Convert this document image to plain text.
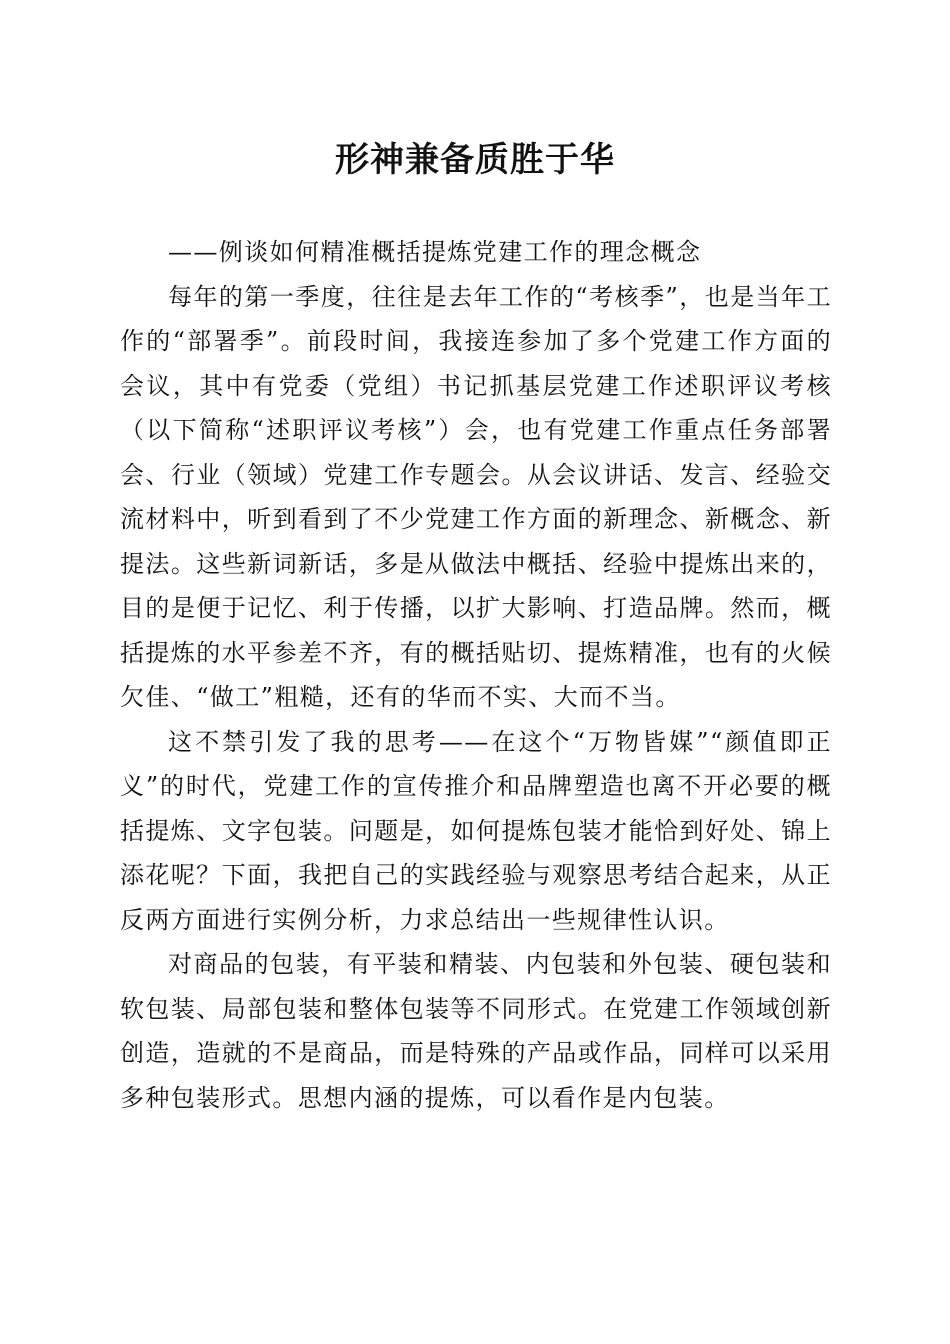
形神兼备质胜于华

——例谈如何精准概括提炼党建工作的理念概念

每年的第一季度，往往是去年工作的“考核季”，也是当年工作的“部署季”。前段时间，我接连参加了多个党建工作方面的会议，其中有党委（党组）书记抓基层党建工作述职评议考核（以下简称“述职评议考核”）会，也有党建工作重点任务部署会、行业（领域）党建工作专题会。从会议讲话、发言、经验交流材料中，听到看到了不少党建工作方面的新理念、新概念、新提法。这些新词新话，多是从做法中概括、经验中提炼出来的，目的是便于记忆、利于传播，以扩大影响、打造品牌。然而，概括提炼的水平参差不齐，有的概括贴切、提炼精准，也有的火候欠佳、“做工”粗糙，还有的华而不实、大而不当。

这不禁引发了我的思考——在这个“万物皆媒”“颜值即正义”的时代，党建工作的宣传推介和品牌塑造也离不开必要的概括提炼、文字包装。问题是，如何提炼包装才能恰到好处、锦上添花呢？下面，我把自己的实践经验与观察思考结合起来，从正反两方面进行实例分析，力求总结出一些规律性认识。

对商品的包装，有平装和精装、内包装和外包装、硬包装和软包装、局部包装和整体包装等不同形式。在党建工作领域创新创造，造就的不是商品，而是特殊的产品或作品，同样可以采用多种包装形式。思想内涵的提炼，可以看作是内包装。
